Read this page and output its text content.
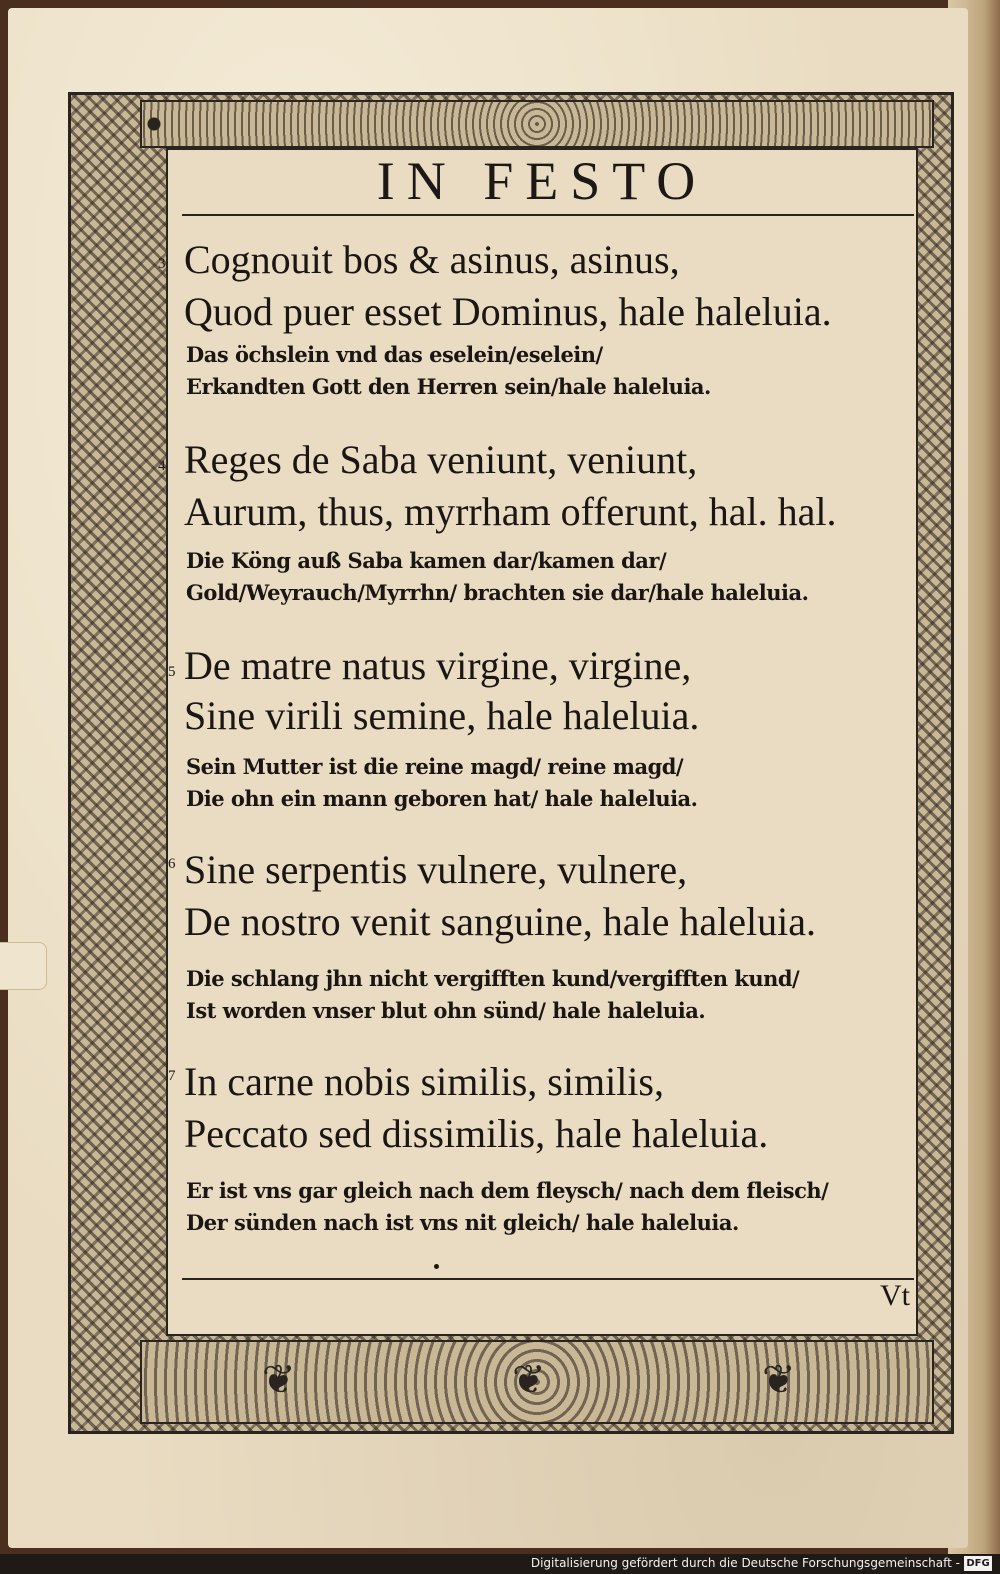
❦	❦	❦
IN FESTO
3 Cognouit bos & asinus, asinus,
Quod puer esset Dominus, hale haleluia.
Das öchslein vnd das eselein/eselein/
Erkandten Gott den Herren sein/hale haleluia.
4 Reges de Saba veniunt, veniunt,
Aurum, thus, myrrham offerunt, hal. hal.
Die Köng auß Saba kamen dar/kamen dar/
Gold/Weyrauch/Myrrhn/ brachten sie dar/hale haleluia.
5 De matre natus virgine, virgine,
Sine virili semine, hale haleluia.
Sein Mutter ist die reine magd/ reine magd/
Die ohn ein mann geboren hat/ hale haleluia.
6 Sine serpentis vulnere, vulnere,
De nostro venit sanguine, hale haleluia.
Die schlang jhn nicht vergifften kund/vergifften kund/
Ist worden vnser blut ohn sünd/ hale haleluia.
7 In carne nobis similis, similis,
Peccato sed dissimilis, hale haleluia.
Er ist vns gar gleich nach dem fleysch/ nach dem fleisch/
Der sünden nach ist vns nit gleich/ hale haleluia.
Vt
Digitalisierung gefördert durch die Deutsche Forschungsgemeinschaft - DFG
